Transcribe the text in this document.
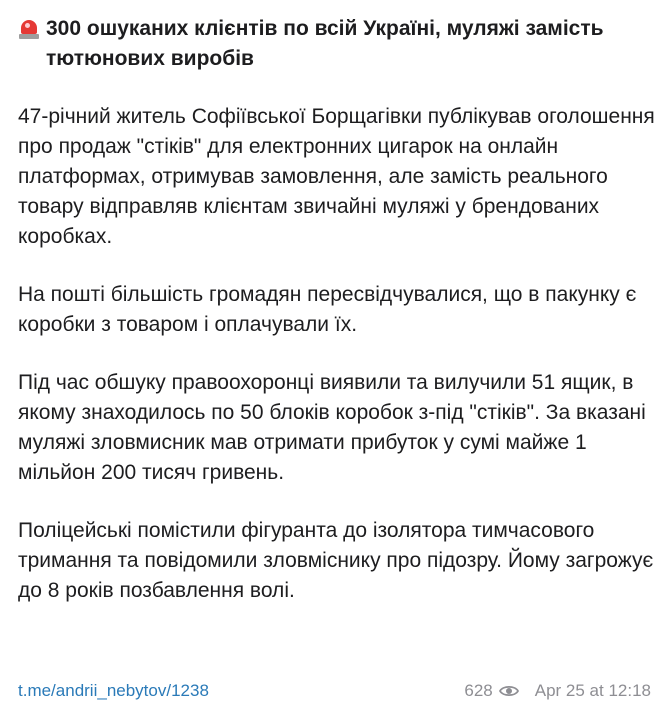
300 ошуканих клієнтів по всій Україні, муляжі замість тютюнових виробів

47-річний житель Софіївської Борщагівки публікував оголошення про продаж "стіків" для електронних цигарок на онлайн платформах, отримував замовлення, але замість реального товару відправляв клієнтам звичайні муляжі у брендованих коробках.

На пошті більшість громадян пересвідчувалися, що в пакунку є коробки з товаром і оплачували їх.

Під час обшуку правоохоронці виявили та вилучили 51 ящик, в якому знаходилось по 50 блоків коробок з-під "стіків". За вказані муляжі зловмисник мав отримати прибуток у сумі майже 1 мільйон 200 тисяч гривень.

Поліцейські помістили фігуранта до ізолятора тимчасового тримання та повідомили зловміснику про підозру. Йому загрожує до 8 років позбавлення волі.

t.me/andrii_nebytov/1238	628 Apr 25 at 12:18
